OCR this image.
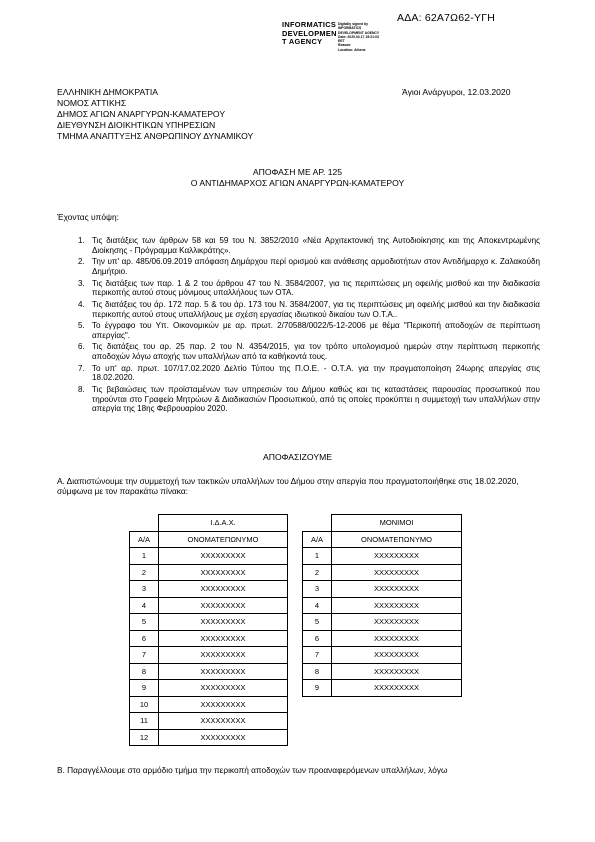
ΑΔΑ: 62Α7Ω62-ΥΓΗ
INFORMATICS
DEVELOPMEN
T AGENCY
Digitally signed by
INFORMATICS
DEVELOPMENT AGENCY
Date: 2020.03.17 15:21:03
EET
Reason:
Location: Athens
ΕΛΛΗΝΙΚΗ ΔΗΜΟΚΡΑΤΙΑ
ΝΟΜΟΣ ΑΤΤΙΚΗΣ
ΔΗΜΟΣ ΑΓΙΩΝ ΑΝΑΡΓΥΡΩΝ-ΚΑΜΑΤΕΡΟΥ
ΔΙΕΥΘΥΝΣΗ ΔΙΟΙΚΗΤΙΚΩΝ ΥΠΗΡΕΣΙΩΝ
ΤΜΗΜΑ ΑΝΑΠΤΥΞΗΣ ΑΝΘΡΩΠΙΝΟΥ ΔΥΝΑΜΙΚΟΥ
Άγιοι Ανάργυροι, 12.03.2020
ΑΠΟΦΑΣΗ ΜΕ ΑΡ. 125
Ο ΑΝΤΙΔΗΜΑΡΧΟΣ ΑΓΙΩΝ ΑΝΑΡΓΥΡΩΝ-ΚΑΜΑΤΕΡΟΥ
Έχοντας υπόψη:
1. Τις διατάξεις των άρθρων 58 και 59 του Ν. 3852/2010 «Νέα Αρχιτεκτονική της Αυτοδιοίκησης και της Αποκεντρωμένης Διοίκησης - Πρόγραμμα Καλλικράτης».
2. Την υπ' αρ. 485/06.09.2019 απόφαση Δημάρχου περί ορισμού και ανάθεσης αρμοδιοτήτων στον Αντιδήμαρχο κ. Ζαλακούδη Δημήτριο.
3. Τις διατάξεις των παρ. 1 & 2 του άρθρου 47 του Ν. 3584/2007, για τις περιπτώσεις μη οφειλής μισθού και την διαδικασία περικοπής αυτού στους μόνιμους υπαλλήλους των ΟΤΑ.
4. Τις διατάξεις του άρ. 172 παρ. 5 & του άρ. 173 του Ν. 3584/2007, για τις περιπτώσεις μη οφειλής μισθού και την διαδικασία περικοπής αυτού στους υπαλλήλους με σχέση εργασίας ιδιωτικού δικαίου των Ο.Τ.Α..
5. Το έγγραφο του Υπ. Οικονομικών με αρ. πρωτ. 2/70588/0022/5-12-2006 με θέμα "Περικοπή αποδοχών σε περίπτωση απεργίας".
6. Τις διατάξεις του αρ. 25 παρ. 2 του Ν. 4354/2015, για τον τρόπο υπολογισμού ημερών στην περίπτωση περικοπής αποδοχών λόγω αποχής των υπαλλήλων από τα καθήκοντά τους.
7. Το υπ' αρ. πρωτ. 107/17.02.2020 Δελτίο Τύπου της Π.Ο.Ε. - Ο.Τ.Α. για την πραγματοποίηση 24ωρης απεργίας στις 18.02.2020.
8. Τις βεβαιώσεις των προϊσταμένων των υπηρεσιών του Δήμου καθώς και τις καταστάσεις παρουσίας προσωπικού που τηρούνται στο Γραφείο Μητρώων & Διαδικασιών Προσωπικού, από τις οποίες προκύπτει η συμμετοχή των υπαλλήλων στην απεργία της 18ης Φεβρουαρίου 2020.
ΑΠΟΦΑΣΙΖΟΥΜΕ
Α. Διαπιστώνουμε την συμμετοχή των τακτικών υπαλλήλων του Δήμου στην απεργία που πραγματοποιήθηκε στις 18.02.2020, σύμφωνα με τον παρακάτω πίνακα:
	Ι.Δ.Α.Χ.
Α/Α	ΟΝΟΜΑΤΕΠΩΝΥΜΟ
1	ΧΧΧΧΧΧΧΧΧ
2	ΧΧΧΧΧΧΧΧΧ
3	ΧΧΧΧΧΧΧΧΧ
4	ΧΧΧΧΧΧΧΧΧ
5	ΧΧΧΧΧΧΧΧΧ
6	ΧΧΧΧΧΧΧΧΧ
7	ΧΧΧΧΧΧΧΧΧ
8	ΧΧΧΧΧΧΧΧΧ
9	ΧΧΧΧΧΧΧΧΧ
10	ΧΧΧΧΧΧΧΧΧ
11	ΧΧΧΧΧΧΧΧΧ
12	ΧΧΧΧΧΧΧΧΧ
	ΜΟΝΙΜΟΙ
Α/Α	ΟΝΟΜΑΤΕΠΩΝΥΜΟ
1	ΧΧΧΧΧΧΧΧΧ
2	ΧΧΧΧΧΧΧΧΧ
3	ΧΧΧΧΧΧΧΧΧ
4	ΧΧΧΧΧΧΧΧΧ
5	ΧΧΧΧΧΧΧΧΧ
6	ΧΧΧΧΧΧΧΧΧ
7	ΧΧΧΧΧΧΧΧΧ
8	ΧΧΧΧΧΧΧΧΧ
9	ΧΧΧΧΧΧΧΧΧ
Β. Παραγγέλλουμε στο αρμόδιο τμήμα την περικοπή αποδοχών των προαναφερόμενων υπαλλήλων, λόγω
